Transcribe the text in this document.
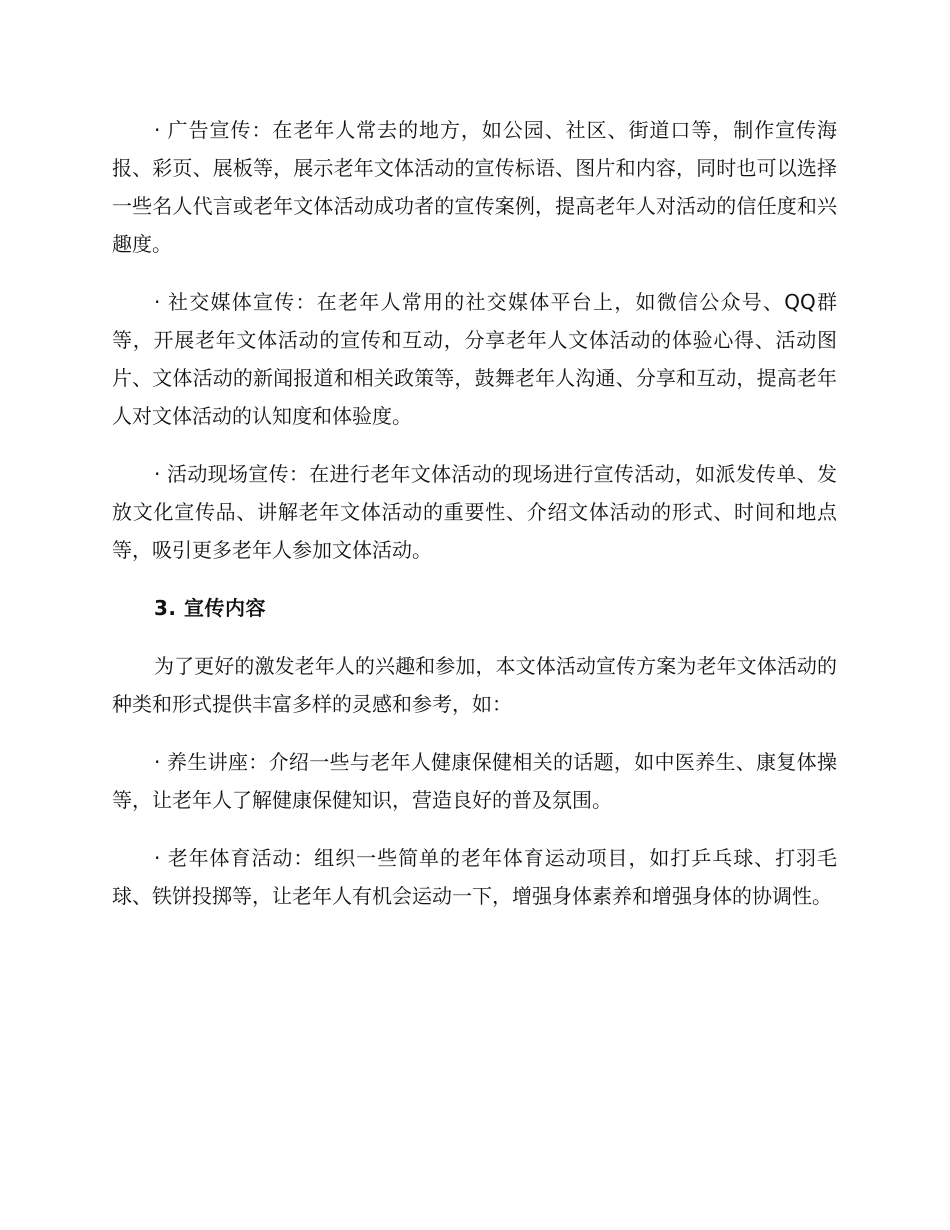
· 广告宣传：在老年人常去的地方，如公园、社区、街道口等，制作宣传海报、彩页、展板等，展示老年文体活动的宣传标语、图片和内容，同时也可以选择一些名人代言或老年文体活动成功者的宣传案例，提高老年人对活动的信任度和兴趣度。

· 社交媒体宣传：在老年人常用的社交媒体平台上，如微信公众号、QQ群等，开展老年文体活动的宣传和互动，分享老年人文体活动的体验心得、活动图片、文体活动的新闻报道和相关政策等，鼓舞老年人沟通、分享和互动，提高老年人对文体活动的认知度和体验度。

· 活动现场宣传：在进行老年文体活动的现场进行宣传活动，如派发传单、发放文化宣传品、讲解老年文体活动的重要性、介绍文体活动的形式、时间和地点等，吸引更多老年人参加文体活动。

3. 宣传内容

为了更好的激发老年人的兴趣和参加，本文体活动宣传方案为老年文体活动的种类和形式提供丰富多样的灵感和参考，如：

· 养生讲座：介绍一些与老年人健康保健相关的话题，如中医养生、康复体操等，让老年人了解健康保健知识，营造良好的普及氛围。

· 老年体育活动：组织一些简单的老年体育运动项目，如打乒乓球、打羽毛球、铁饼投掷等，让老年人有机会运动一下，增强身体素养和增强身体的协调性。
